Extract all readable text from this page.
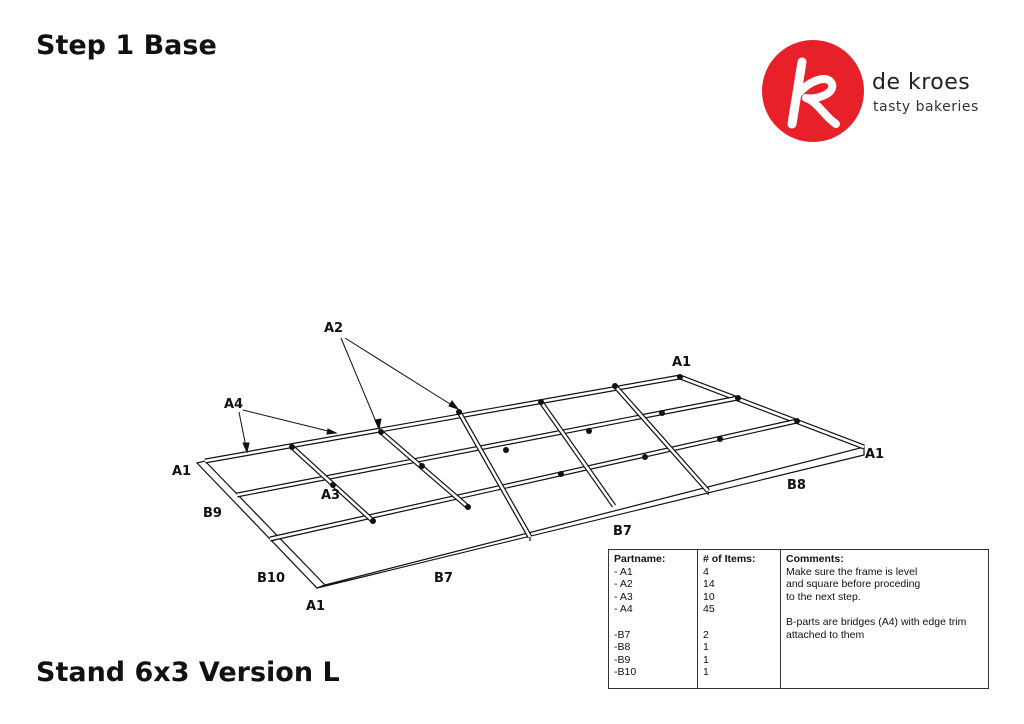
Step 1 Base
de kroes
tasty bakeries
A2
A4
A1
A1
A1
A1
A3
B9
B10	B7
B7
B8
Partname:
- A1
- A2
- A3
- A4
-B7
-B8
-B9
-B10
# of Items:
4
14
10
45
2
1
1
1
Comments:
Make sure the frame is level
and square before proceding
to the next step.
B-parts are bridges (A4) with edge trim
attached to them
Stand 6x3 Version L
